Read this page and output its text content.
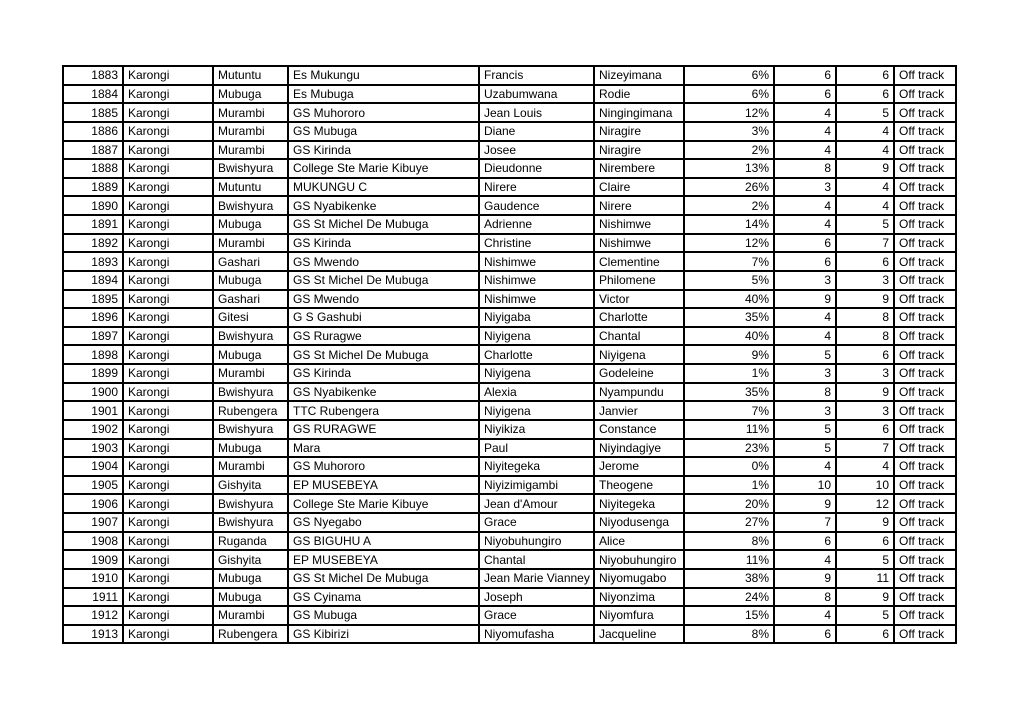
1883	Karongi	Mutuntu	Es Mukungu	Francis	Nizeyimana	6%	6	6	Off track
1884	Karongi	Mubuga	Es Mubuga	Uzabumwana	Rodie	6%	6	6	Off track
1885	Karongi	Murambi	GS Muhororo	Jean Louis	Ningingimana	12%	4	5	Off track
1886	Karongi	Murambi	GS Mubuga	Diane	Niragire	3%	4	4	Off track
1887	Karongi	Murambi	GS Kirinda	Josee	Niragire	2%	4	4	Off track
1888	Karongi	Bwishyura	College Ste Marie Kibuye	Dieudonne	Nirembere	13%	8	9	Off track
1889	Karongi	Mutuntu	MUKUNGU C	Nirere	Claire	26%	3	4	Off track
1890	Karongi	Bwishyura	GS Nyabikenke	Gaudence	Nirere	2%	4	4	Off track
1891	Karongi	Mubuga	GS St Michel De Mubuga	Adrienne	Nishimwe	14%	4	5	Off track
1892	Karongi	Murambi	GS Kirinda	Christine	Nishimwe	12%	6	7	Off track
1893	Karongi	Gashari	GS Mwendo	Nishimwe	Clementine	7%	6	6	Off track
1894	Karongi	Mubuga	GS St Michel De Mubuga	Nishimwe	Philomene	5%	3	3	Off track
1895	Karongi	Gashari	GS Mwendo	Nishimwe	Victor	40%	9	9	Off track
1896	Karongi	Gitesi	G S Gashubi	Niyigaba	Charlotte	35%	4	8	Off track
1897	Karongi	Bwishyura	GS Ruragwe	Niyigena	Chantal	40%	4	8	Off track
1898	Karongi	Mubuga	GS St Michel De Mubuga	Charlotte	Niyigena	9%	5	6	Off track
1899	Karongi	Murambi	GS Kirinda	Niyigena	Godeleine	1%	3	3	Off track
1900	Karongi	Bwishyura	GS Nyabikenke	Alexia	Nyampundu	35%	8	9	Off track
1901	Karongi	Rubengera	TTC Rubengera	Niyigena	Janvier	7%	3	3	Off track
1902	Karongi	Bwishyura	GS RURAGWE	Niyikiza	Constance	11%	5	6	Off track
1903	Karongi	Mubuga	Mara	Paul	Niyindagiye	23%	5	7	Off track
1904	Karongi	Murambi	GS Muhororo	Niyitegeka	Jerome	0%	4	4	Off track
1905	Karongi	Gishyita	EP MUSEBEYA	Niyizimigambi	Theogene	1%	10	10	Off track
1906	Karongi	Bwishyura	College Ste Marie Kibuye	Jean d'Amour	Niyitegeka	20%	9	12	Off track
1907	Karongi	Bwishyura	GS Nyegabo	Grace	Niyodusenga	27%	7	9	Off track
1908	Karongi	Ruganda	GS BIGUHU A	Niyobuhungiro	Alice	8%	6	6	Off track
1909	Karongi	Gishyita	EP MUSEBEYA	Chantal	Niyobuhungiro	11%	4	5	Off track
1910	Karongi	Mubuga	GS St Michel De Mubuga	Jean Marie Vianney	Niyomugabo	38%	9	11	Off track
1911	Karongi	Mubuga	GS Cyinama	Joseph	Niyonzima	24%	8	9	Off track
1912	Karongi	Murambi	GS Mubuga	Grace	Niyomfura	15%	4	5	Off track
1913	Karongi	Rubengera	GS Kibirizi	Niyomufasha	Jacqueline	8%	6	6	Off track
